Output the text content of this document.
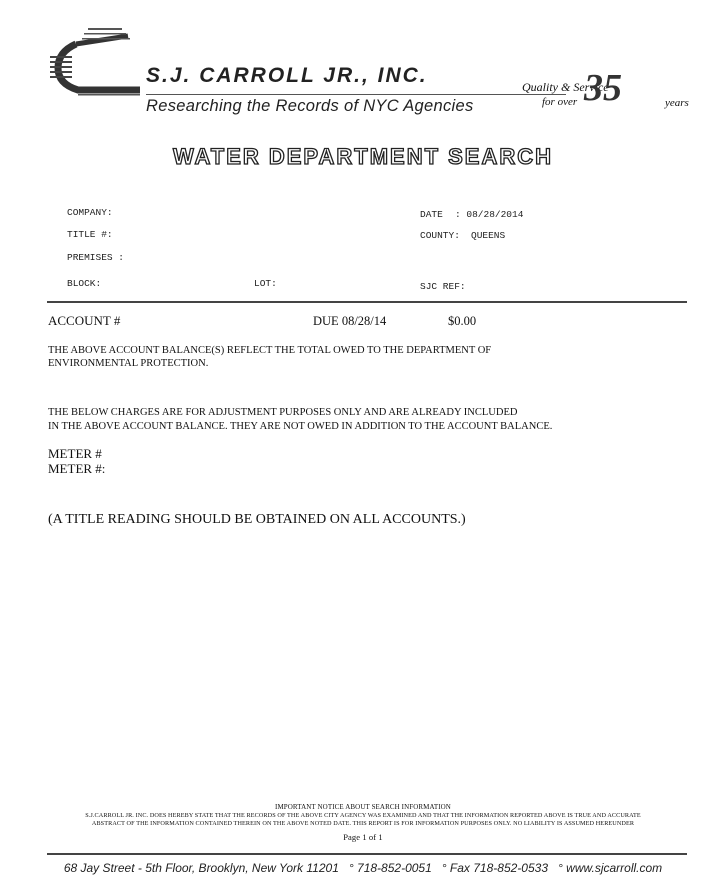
S.J. CARROLL JR., INC.
Researching the Records of NYC Agencies
Quality & Service
for over 35	years
WATER DEPARTMENT SEARCH
COMPANY:
TITLE #:
PREMISES :
BLOCK:	LOT:
DATE : 08/28/2014
COUNTY: QUEENS
SJC REF:
ACCOUNT #	DUE 08/28/14	$0.00
THE ABOVE ACCOUNT BALANCE(S) REFLECT THE TOTAL OWED TO THE DEPARTMENT OF
ENVIRONMENTAL PROTECTION.
THE BELOW CHARGES ARE FOR ADJUSTMENT PURPOSES ONLY AND ARE ALREADY INCLUDED
IN THE ABOVE ACCOUNT BALANCE. THEY ARE NOT OWED IN ADDITION TO THE ACCOUNT BALANCE.
METER #
METER #:
(A TITLE READING SHOULD BE OBTAINED ON ALL ACCOUNTS.)
IMPORTANT NOTICE ABOUT SEARCH INFORMATION
S.J.CARROLL JR. INC. DOES HEREBY STATE THAT THE RECORDS OF THE ABOVE CITY AGENCY WAS EXAMINED AND THAT THE INFORMATION REPORTED ABOVE IS TRUE AND ACCURATE
ABSTRACT OF THE INFORMATION CONTAINED THEREIN ON THE ABOVE NOTED DATE. THIS REPORT IS FOR INFORMATION PURPOSES ONLY. NO LIABILITY IS ASSUMED HEREUNDER
Page 1 of 1
68 Jay Street - 5th Floor, Brooklyn, New York 11201   ° 718-852-0051   ° Fax 718-852-0533   ° www.sjcarroll.com
